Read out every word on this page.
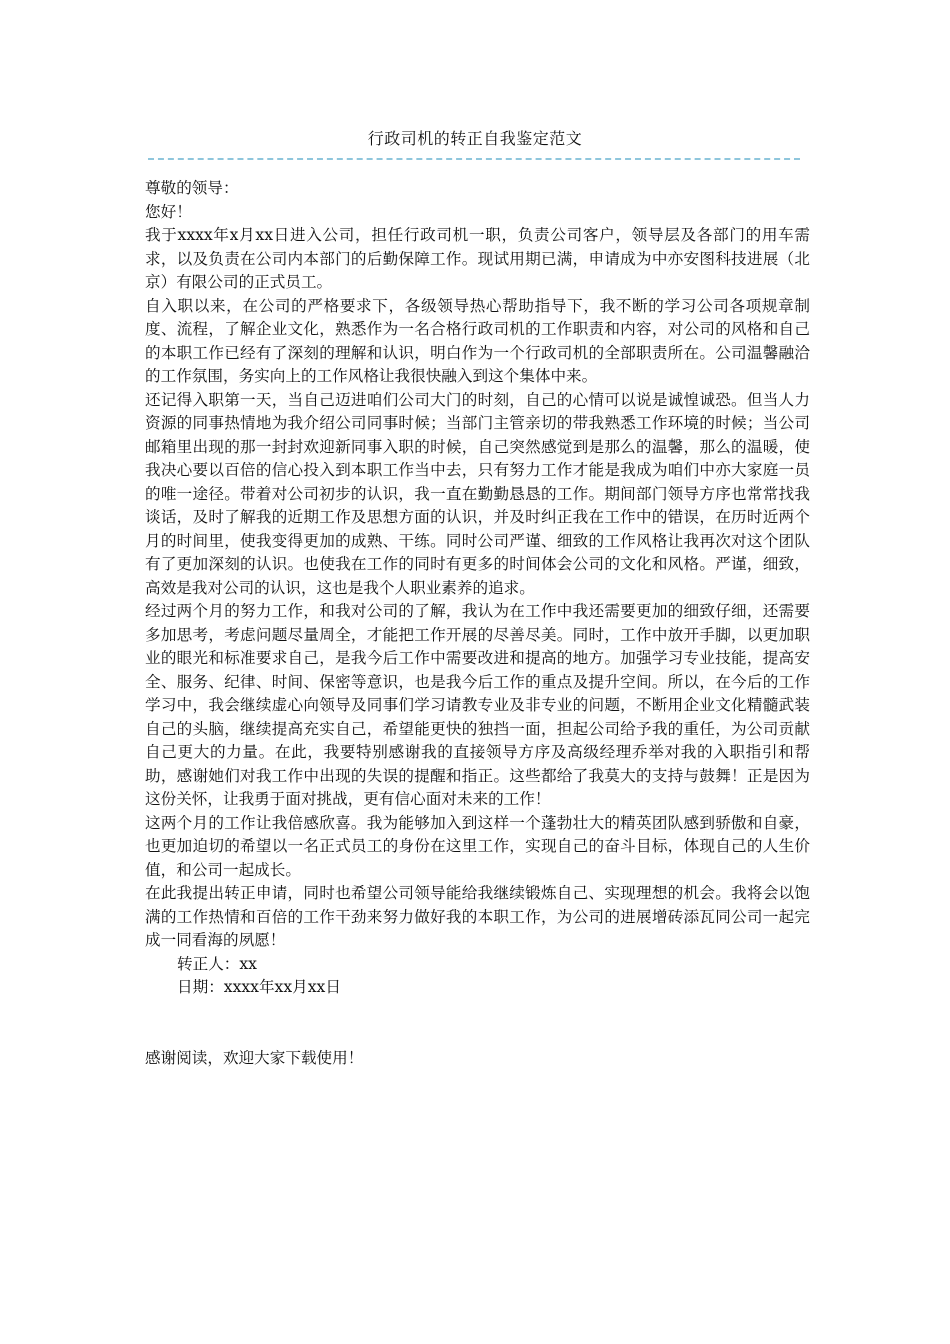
行政司机的转正自我鉴定范文

尊敬的领导：

您好！

我于xxxx年x月xx日进入公司，担任行政司机一职，负责公司客户，领导层及各部门的用车需求，以及负责在公司内本部门的后勤保障工作。现试用期已满，申请成为中亦安图科技进展（北京）有限公司的正式员工。

自入职以来，在公司的严格要求下，各级领导热心帮助指导下，我不断的学习公司各项规章制度、流程，了解企业文化，熟悉作为一名合格行政司机的工作职责和内容，对公司的风格和自己的本职工作已经有了深刻的理解和认识，明白作为一个行政司机的全部职责所在。公司温馨融洽的工作氛围，务实向上的工作风格让我很快融入到这个集体中来。

还记得入职第一天，当自己迈进咱们公司大门的时刻，自己的心情可以说是诚惶诚恐。但当人力资源的同事热情地为我介绍公司同事时候；当部门主管亲切的带我熟悉工作环境的时候；当公司邮箱里出现的那一封封欢迎新同事入职的时候，自己突然感觉到是那么的温馨，那么的温暖，使我决心要以百倍的信心投入到本职工作当中去，只有努力工作才能是我成为咱们中亦大家庭一员的唯一途径。带着对公司初步的认识，我一直在勤勤恳恳的工作。期间部门领导方序也常常找我谈话，及时了解我的近期工作及思想方面的认识，并及时纠正我在工作中的错误，在历时近两个月的时间里，使我变得更加的成熟、干练。同时公司严谨、细致的工作风格让我再次对这个团队有了更加深刻的认识。也使我在工作的同时有更多的时间体会公司的文化和风格。严谨，细致，高效是我对公司的认识，这也是我个人职业素养的追求。

经过两个月的努力工作，和我对公司的了解，我认为在工作中我还需要更加的细致仔细，还需要多加思考，考虑问题尽量周全，才能把工作开展的尽善尽美。同时，工作中放开手脚，以更加职业的眼光和标准要求自己，是我今后工作中需要改进和提高的地方。加强学习专业技能，提高安全、服务、纪律、时间、保密等意识，也是我今后工作的重点及提升空间。所以，在今后的工作学习中，我会继续虚心向领导及同事们学习请教专业及非专业的问题，不断用企业文化精髓武装自己的头脑，继续提高充实自己，希望能更快的独挡一面，担起公司给予我的重任，为公司贡献自己更大的力量。在此，我要特别感谢我的直接领导方序及高级经理乔举对我的入职指引和帮助，感谢她们对我工作中出现的失误的提醒和指正。这些都给了我莫大的支持与鼓舞！正是因为这份关怀，让我勇于面对挑战，更有信心面对未来的工作！

这两个月的工作让我倍感欣喜。我为能够加入到这样一个蓬勃壮大的精英团队感到骄傲和自豪，也更加迫切的希望以一名正式员工的身份在这里工作，实现自己的奋斗目标，体现自己的人生价值，和公司一起成长。

在此我提出转正申请，同时也希望公司领导能给我继续锻炼自己、实现理想的机会。我将会以饱满的工作热情和百倍的工作干劲来努力做好我的本职工作，为公司的进展增砖添瓦同公司一起完成一同看海的夙愿！

转正人：xx

日期：xxxx年xx月xx日

感谢阅读，欢迎大家下载使用！
